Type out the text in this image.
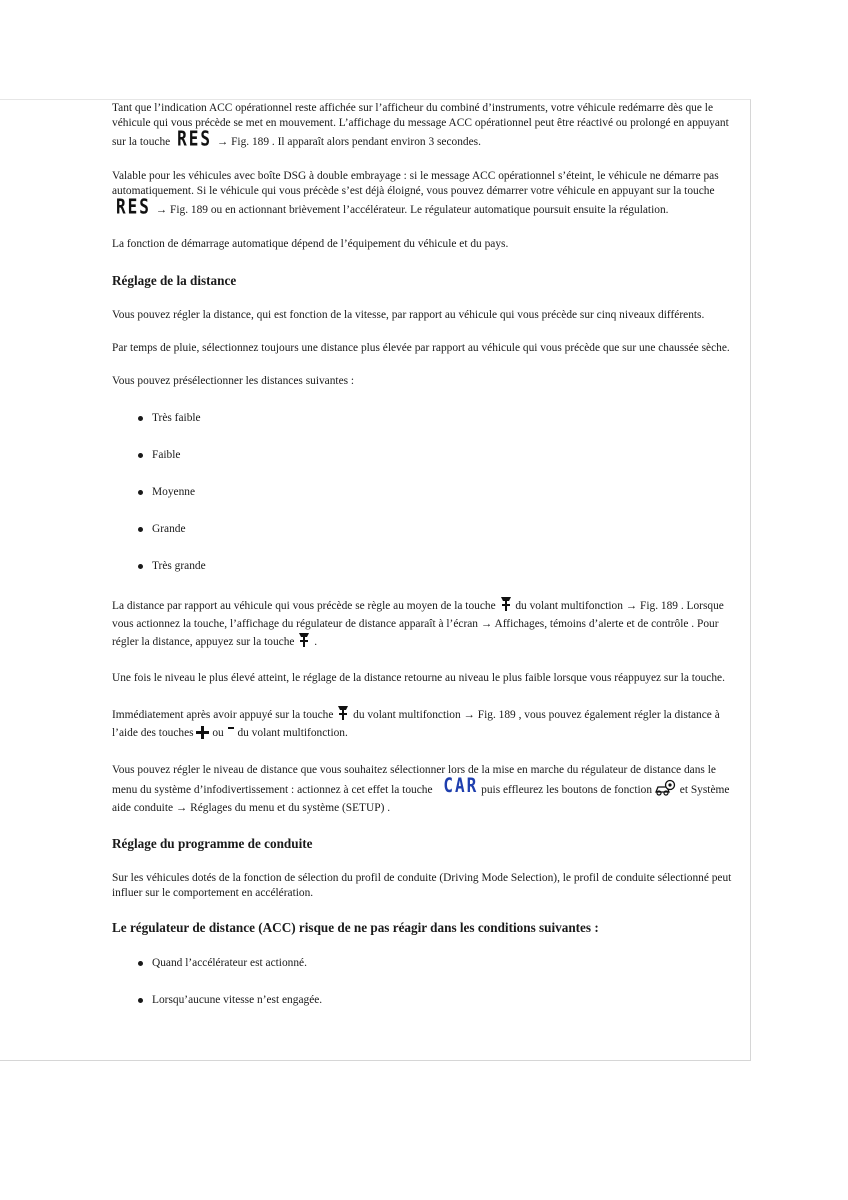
Tant que l’indication ACC opérationnel reste affichée sur l’afficheur du combiné d’instruments, votre véhicule redémarre dès que le véhicule qui vous précède se met en mouvement. L’affichage du message ACC opérationnel peut être réactivé ou prolongé en appuyant sur la touche RES → Fig. 189 . Il apparaît alors pendant environ 3 secondes.

Valable pour les véhicules avec boîte DSG à double embrayage : si le message ACC opérationnel s’éteint, le véhicule ne démarre pas automatiquement. Si le véhicule qui vous précède s’est déjà éloigné, vous pouvez démarrer votre véhicule en appuyant sur la touche RES → Fig. 189 ou en actionnant brièvement l’accélérateur. Le régulateur automatique poursuit ensuite la régulation.

La fonction de démarrage automatique dépend de l’équipement du véhicule et du pays.

Réglage de la distance

Vous pouvez régler la distance, qui est fonction de la vitesse, par rapport au véhicule qui vous précède sur cinq niveaux différents.

Par temps de pluie, sélectionnez toujours une distance plus élevée par rapport au véhicule qui vous précède que sur une chaussée sèche.

Vous pouvez présélectionner les distances suivantes :

Très faible
Faible
Moyenne
Grande
Très grande

La distance par rapport au véhicule qui vous précède se règle au moyen de la touche du volant multifonction → Fig. 189 . Lorsque vous actionnez la touche, l’affichage du régulateur de distance apparaît à l’écran → Affichages, témoins d’alerte et de contrôle . Pour régler la distance, appuyez sur la touche .

Une fois le niveau le plus élevé atteint, le réglage de la distance retourne au niveau le plus faible lorsque vous réappuyez sur la touche.

Immédiatement après avoir appuyé sur la touche du volant multifonction → Fig. 189 , vous pouvez également régler la distance à l’aide des touches ou du volant multifonction.

Vous pouvez régler le niveau de distance que vous souhaitez sélectionner lors de la mise en marche du régulateur de distance dans le menu du système d’infodivertissement : actionnez à cet effet la touche CAR puis effleurez les boutons de fonction et Système aide conduite → Réglages du menu et du système (SETUP) .

Réglage du programme de conduite

Sur les véhicules dotés de la fonction de sélection du profil de conduite (Driving Mode Selection), le profil de conduite sélectionné peut influer sur le comportement en accélération.

Le régulateur de distance (ACC) risque de ne pas réagir dans les conditions suivantes :
Quand l’accélérateur est actionné.
Lorsqu’aucune vitesse n’est engagée.
